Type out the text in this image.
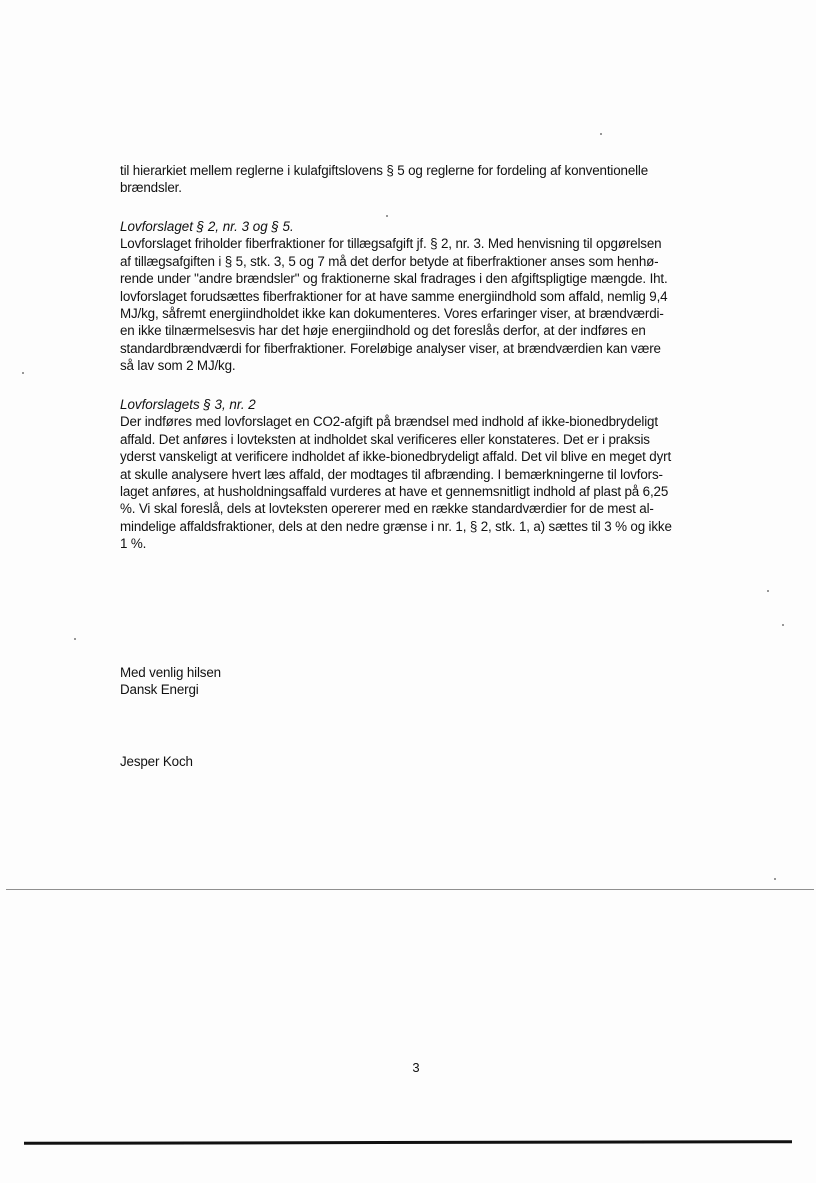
til hierarkiet mellem reglerne i kulafgiftslovens § 5 og reglerne for fordeling af konventionelle
brændsler.
Lovforslaget § 2, nr. 3 og § 5.
Lovforslaget friholder fiberfraktioner for tillægsafgift jf. § 2, nr. 3. Med henvisning til opgørelsen
af tillægsafgiften i § 5, stk. 3, 5 og 7 må det derfor betyde at fiberfraktioner anses som henhø-
rende under "andre brændsler" og fraktionerne skal fradrages i den afgiftspligtige mængde. Iht.
lovforslaget forudsættes fiberfraktioner for at have samme energiindhold som affald, nemlig 9,4
MJ/kg, såfremt energiindholdet ikke kan dokumenteres. Vores erfaringer viser, at brændværdi-
en ikke tilnærmelsesvis har det høje energiindhold og det foreslås derfor, at der indføres en
standardbrændværdi for fiberfraktioner. Foreløbige analyser viser, at brændværdien kan være
så lav som 2 MJ/kg.
Lovforslagets § 3, nr. 2
Der indføres med lovforslaget en CO2-afgift på brændsel med indhold af ikke-bionedbrydeligt
affald. Det anføres i lovteksten at indholdet skal verificeres eller konstateres. Det er i praksis
yderst vanskeligt at verificere indholdet af ikke-bionedbrydeligt affald. Det vil blive en meget dyrt
at skulle analysere hvert læs affald, der modtages til afbrænding. I bemærkningerne til lovfors-
laget anføres, at husholdningsaffald vurderes at have et gennemsnitligt indhold af plast på 6,25
%. Vi skal foreslå, dels at lovteksten opererer med en række standardværdier for de mest al-
mindelige affaldsfraktioner, dels at den nedre grænse i nr. 1, § 2, stk. 1, a) sættes til 3 % og ikke
1 %.
Med venlig hilsen
Dansk Energi
Jesper Koch
3
